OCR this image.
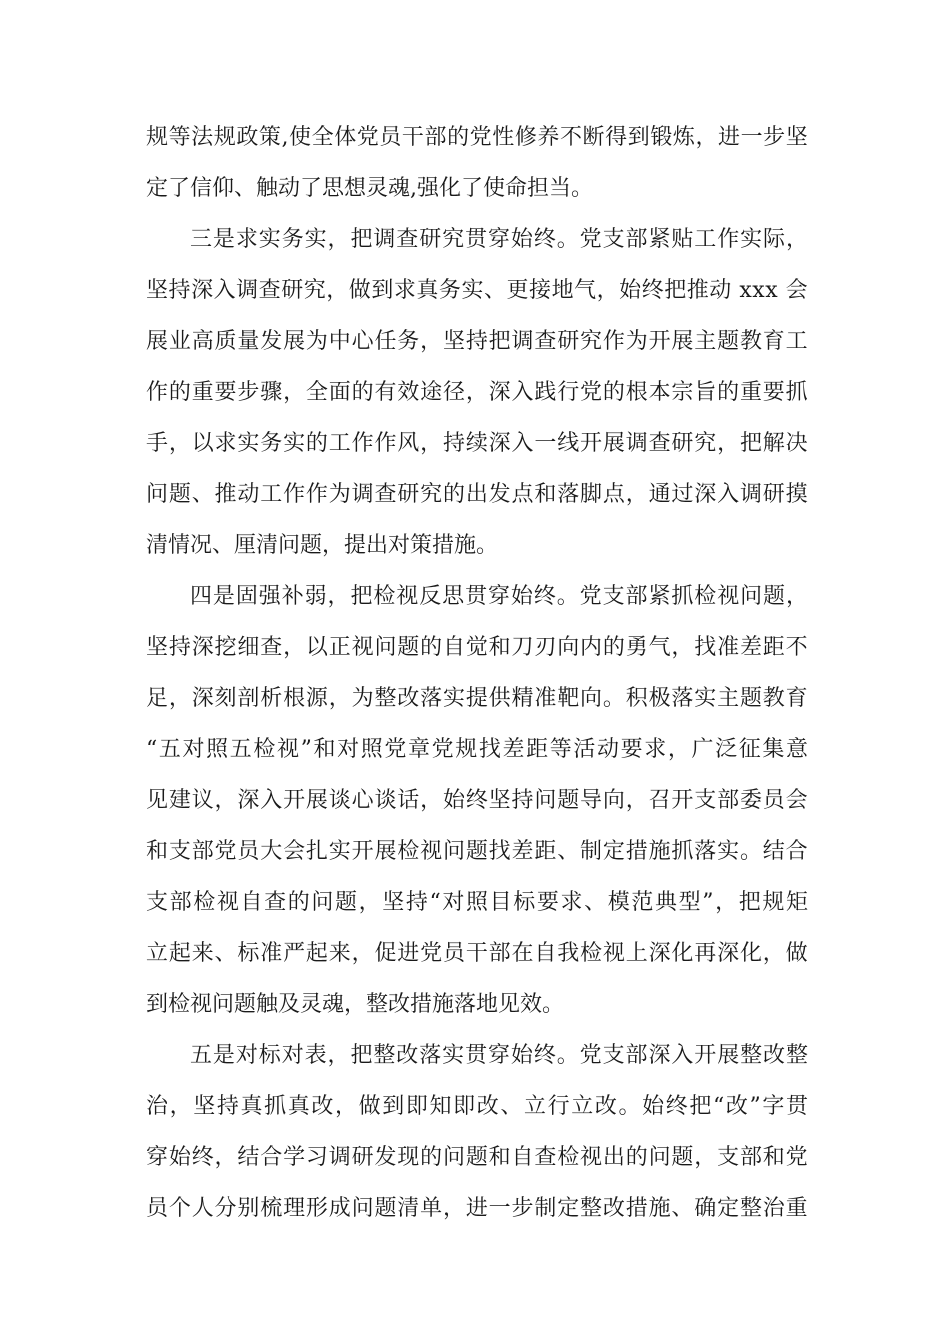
规 等 法 规 政 策 , 使 全 体 党 员 干 部 的 党 性 修 养 不 断 得 到 锻 炼 ， 进 一 步 坚
定了信仰、触动了思想灵魂,强化了使命担当。
三 是 求 实 务 实 ， 把 调 查 研 究 贯 穿 始 终 。 党 支 部 紧 贴 工 作 实 际 ，
坚 持 深 入 调 查 研 究 ， 做 到 求 真 务 实 、 更 接 地 气 ， 始 终 把 推 动
x x x
会
展 业 高 质 量 发 展 为 中 心 任 务 ， 坚 持 把 调 查 研 究 作 为 开 展 主 题 教 育 工
作 的 重 要 步 骤 ， 全 面 的 有 效 途 径 ， 深 入 践 行 党 的 根 本 宗 旨 的 重 要 抓
手 ， 以 求 实 务 实 的 工 作 作 风 ， 持 续 深 入 一 线 开 展 调 查 研 究 ， 把 解 决
问 题 、 推 动 工 作 作 为 调 查 研 究 的 出 发 点 和 落 脚 点 ， 通 过 深 入 调 研 摸
清情况、厘清问题，提出对策措施。
四 是 固 强 补 弱 ， 把 检 视 反 思 贯 穿 始 终 。 党 支 部 紧 抓 检 视 问 题 ，
坚 持 深 挖 细 查 ， 以 正 视 问 题 的 自 觉 和 刀 刃 向 内 的 勇 气 ， 找 准 差 距 不
足 ， 深 刻 剖 析 根 源 ， 为 整 改 落 实 提 供 精 准 靶 向 。 积 极 落 实 主 题 教 育
“ 五 对 照 五 检 视 ” 和 对 照 党 章 党 规 找 差 距 等 活 动 要 求 ， 广 泛 征 集 意
见 建 议 ， 深 入 开 展 谈 心 谈 话 ， 始 终 坚 持 问 题 导 向 ， 召 开 支 部 委 员 会
和 支 部 党 员 大 会 扎 实 开 展 检 视 问 题 找 差 距 、 制 定 措 施 抓 落 实 。 结 合
支 部 检 视 自 查 的 问 题 ， 坚 持 “ 对 照 目 标 要 求 、 模 范 典 型 ” ， 把 规 矩
立 起 来 、 标 准 严 起 来 ， 促 进 党 员 干 部 在 自 我 检 视 上 深 化 再 深 化 ， 做
到检视问题触及灵魂，整改措施落地见效。
五 是 对 标 对 表 ， 把 整 改 落 实 贯 穿 始 终 。 党 支 部 深 入 开 展 整 改 整
治 ， 坚 持 真 抓 真 改 ， 做 到 即 知 即 改 、 立 行 立 改 。 始 终 把 “ 改 ” 字 贯
穿 始 终 ， 结 合 学 习 调 研 发 现 的 问 题 和 自 查 检 视 出 的 问 题 ， 支 部 和 党
员 个 人 分 别 梳 理 形 成 问 题 清 单 ， 进 一 步 制 定 整 改 措 施 、 确 定 整 治 重
